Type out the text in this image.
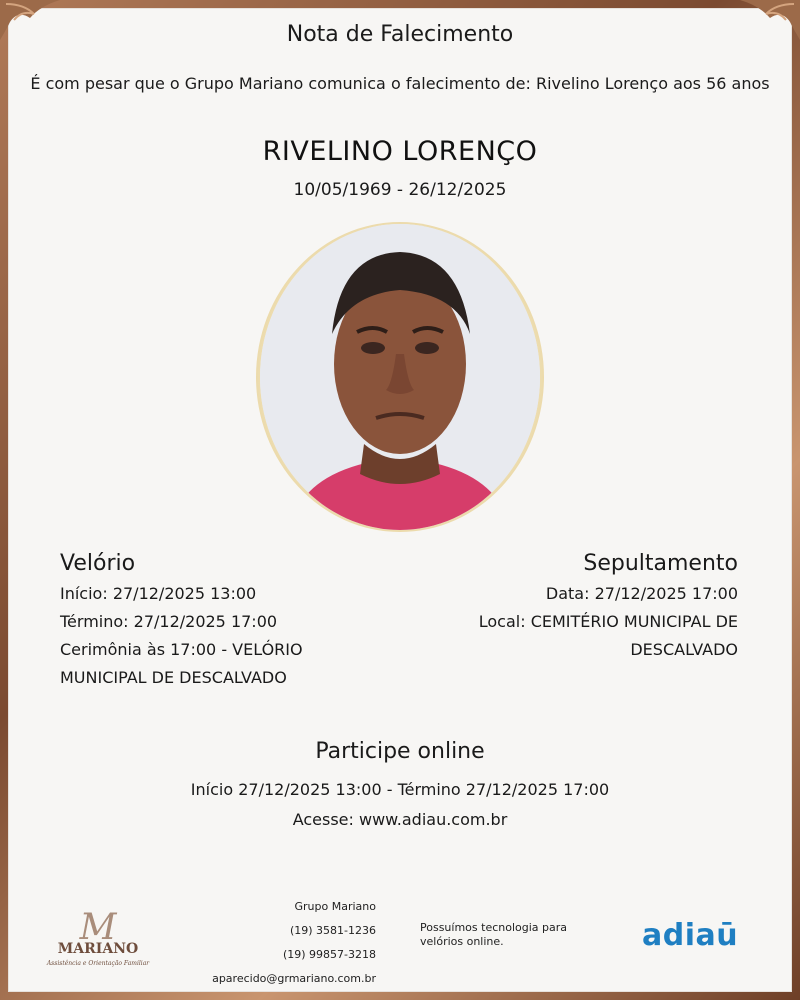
Nota de Falecimento
É com pesar que o Grupo Mariano comunica o falecimento de: Rivelino Lorenço aos 56 anos
RIVELINO LORENÇO
10/05/1969 - 26/12/2025
Velório
Início: 27/12/2025 13:00
Término: 27/12/2025 17:00
Cerimônia às 17:00 - VELÓRIO MUNICIPAL DE DESCALVADO
Sepultamento
Data: 27/12/2025 17:00
Local: CEMITÉRIO MUNICIPAL DE DESCALVADO
Participe online
Início 27/12/2025 13:00 - Término 27/12/2025 17:00
Acesse: www.adiau.com.br
M
MARIANO
Assistência e Orientação Familiar
Grupo Mariano
(19) 3581-1236
(19) 99857-3218
aparecido@grmariano.com.br
Possuímos tecnologia para velórios online.	adiaū
